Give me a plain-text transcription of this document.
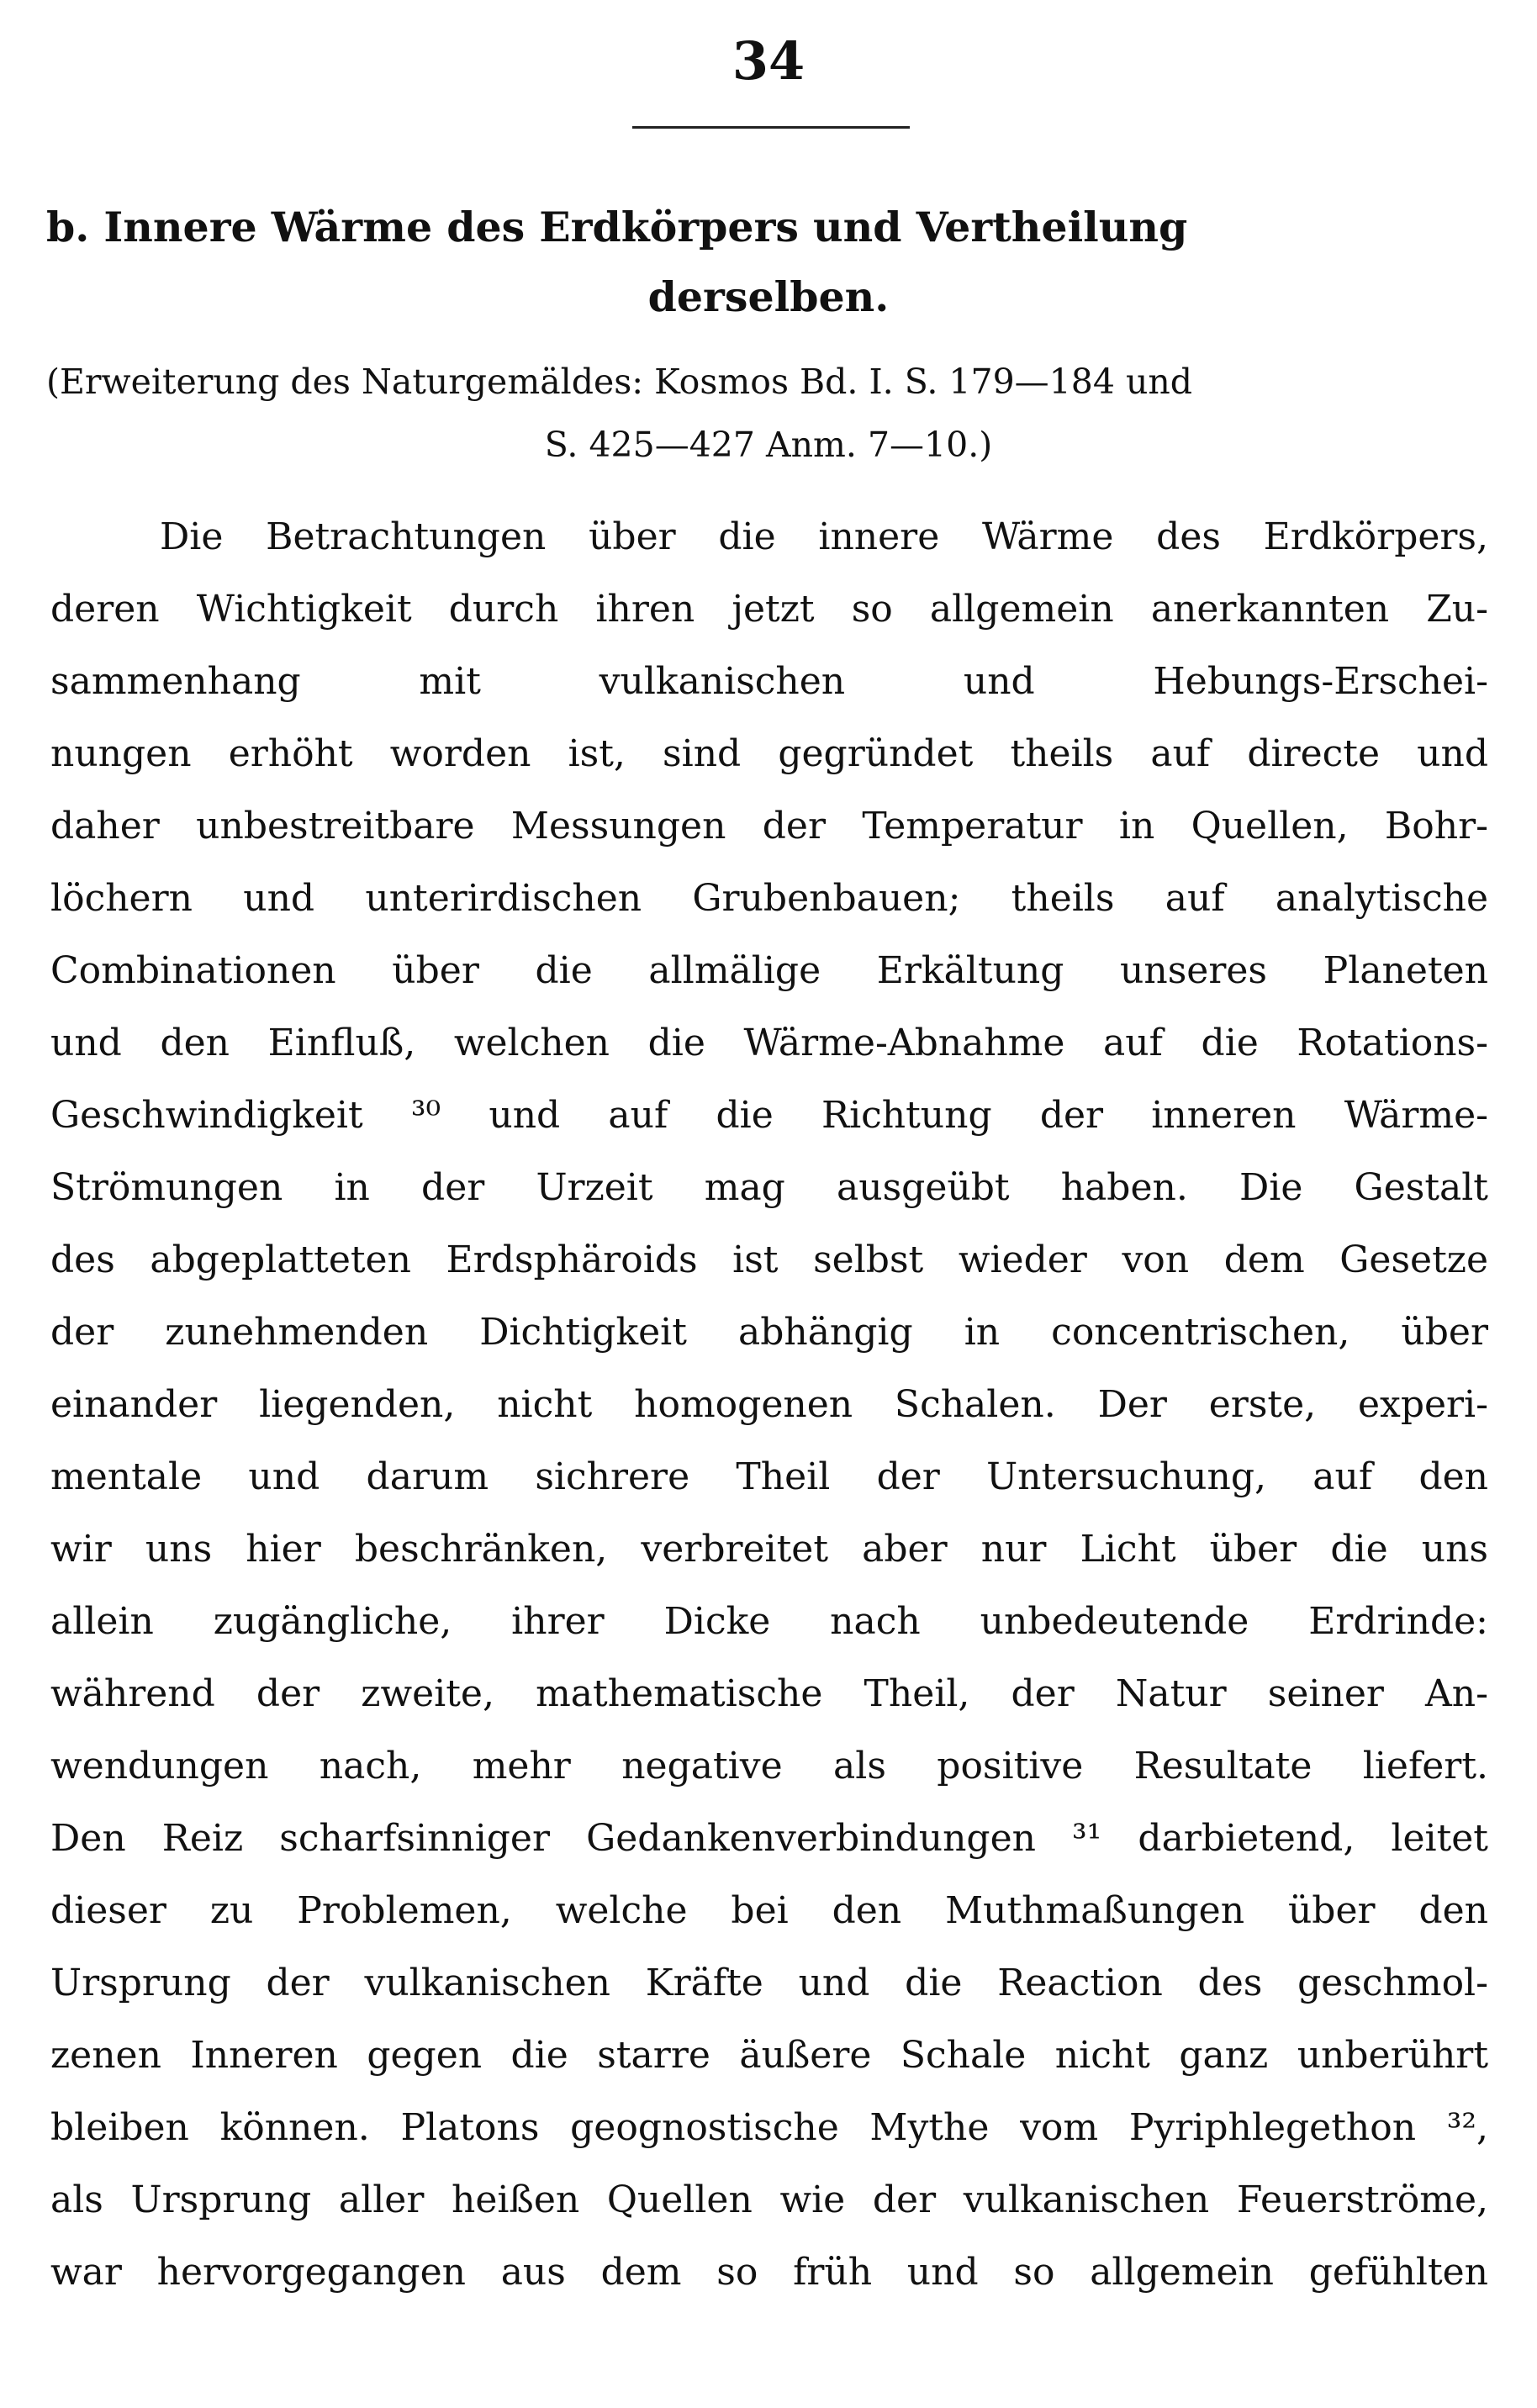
34
b. Innere Wärme des Erdkörpers und Vertheilung
derselben.
(Erweiterung des Naturgemäldes: Kosmos Bd. I. S. 179—184 und
S. 425—427 Anm. 7—10.)
Die Betrachtungen über die innere Wärme des Erdkörpers,
deren Wichtigkeit durch ihren jetzt so allgemein anerkannten Zu-
sammenhang mit vulkanischen und Hebungs-Erschei-
nungen erhöht worden ist, sind gegründet theils auf directe und
daher unbestreitbare Messungen der Temperatur in Quellen, Bohr-
löchern und unterirdischen Grubenbauen; theils auf analytische
Combinationen über die allmälige Erkältung unseres Planeten
und den Einfluß, welchen die Wärme-Abnahme auf die Rotations-
Geschwindigkeit ³⁰ und auf die Richtung der inneren Wärme-
Strömungen in der Urzeit mag ausgeübt haben. Die Gestalt
des abgeplatteten Erdsphäroids ist selbst wieder von dem Gesetze
der zunehmenden Dichtigkeit abhängig in concentrischen, über
einander liegenden, nicht homogenen Schalen. Der erste, experi-
mentale und darum sichrere Theil der Untersuchung, auf den
wir uns hier beschränken, verbreitet aber nur Licht über die uns
allein zugängliche, ihrer Dicke nach unbedeutende Erdrinde:
während der zweite, mathematische Theil, der Natur seiner An-
wendungen nach, mehr negative als positive Resultate liefert.
Den Reiz scharfsinniger Gedankenverbindungen ³¹ darbietend, leitet
dieser zu Problemen, welche bei den Muthmaßungen über den
Ursprung der vulkanischen Kräfte und die Reaction des geschmol-
zenen Inneren gegen die starre äußere Schale nicht ganz unberührt
bleiben können. Platons geognostische Mythe vom Pyriphlegethon ³²,
als Ursprung aller heißen Quellen wie der vulkanischen Feuerströme,
war hervorgegangen aus dem so früh und so allgemein gefühlten
